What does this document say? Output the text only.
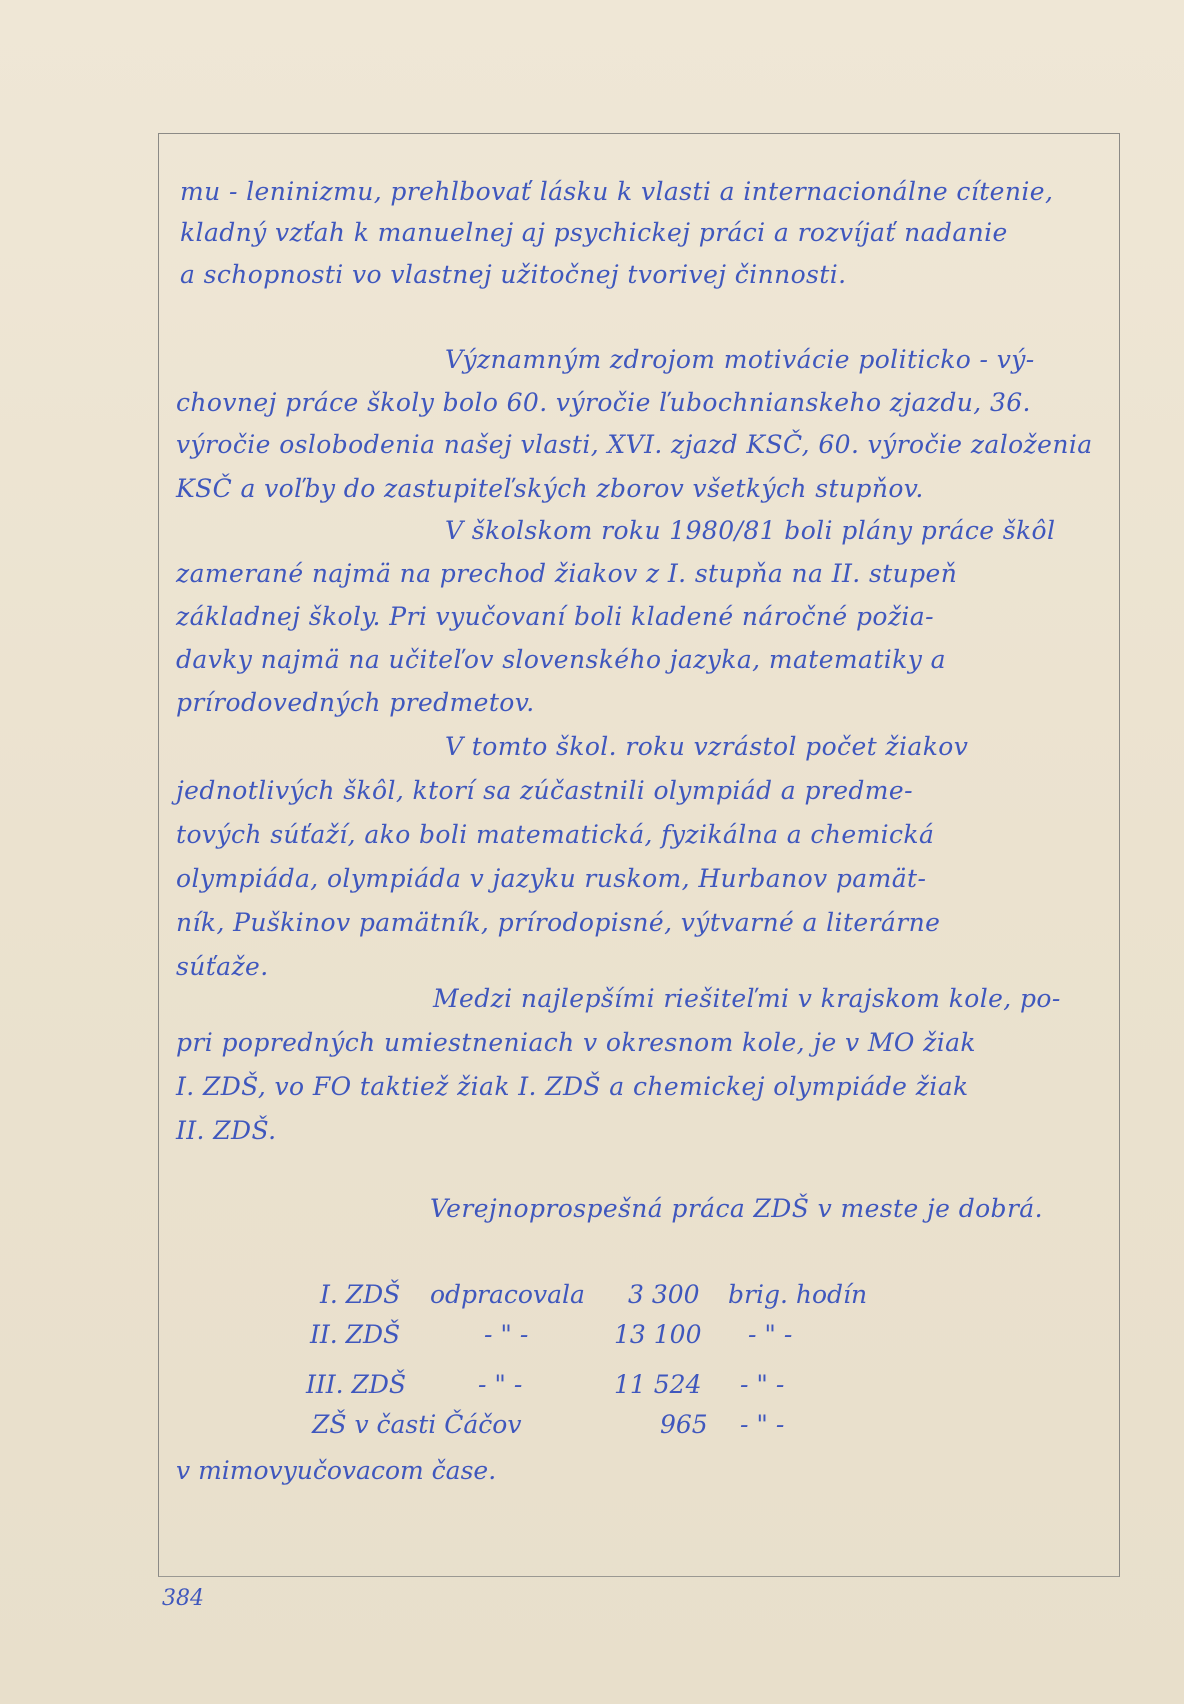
mu - leninizmu, prehlbovať lásku k vlasti a internacionálne cítenie,
kladný vzťah k manuelnej aj psychickej práci a rozvíjať nadanie
a schopnosti vo vlastnej užitočnej tvorivej činnosti.
Významným zdrojom motivácie politicko - vý-
chovnej práce školy bolo 60. výročie ľubochnianskeho zjazdu, 36.
výročie oslobodenia našej vlasti, XVI. zjazd KSČ, 60. výročie založenia
KSČ a voľby do zastupiteľských zborov všetkých stupňov.
V školskom roku 1980/81 boli plány práce škôl
zamerané najmä na prechod žiakov z I. stupňa na II. stupeň
základnej školy. Pri vyučovaní boli kladené náročné požia-
davky najmä na učiteľov slovenského jazyka, matematiky a
prírodovedných predmetov.
V tomto škol. roku vzrástol počet žiakov
jednotlivých škôl, ktorí sa zúčastnili olympiád a predme-
tových súťaží, ako boli matematická, fyzikálna a chemická
olympiáda, olympiáda v jazyku ruskom, Hurbanov pamät-
ník, Puškinov pamätník, prírodopisné, výtvarné a literárne
súťaže.
Medzi najlepšími riešiteľmi v krajskom kole, po-
pri popredných umiestneniach v okresnom kole, je v MO žiak
I. ZDŠ, vo FO taktiež žiak I. ZDŠ a chemickej olympiáde žiak
II. ZDŠ.
Verejnoprospešná práca ZDŠ v meste je dobrá.
I. ZDŠ odpracovala 3 300 brig. hodín
II. ZDŠ	- " -	13 100 - " -
III. ZDŠ	- " -	11 524 - " -
ZŠ v časti Čáčov	965 - " -
v mimovyučovacom čase.
384
